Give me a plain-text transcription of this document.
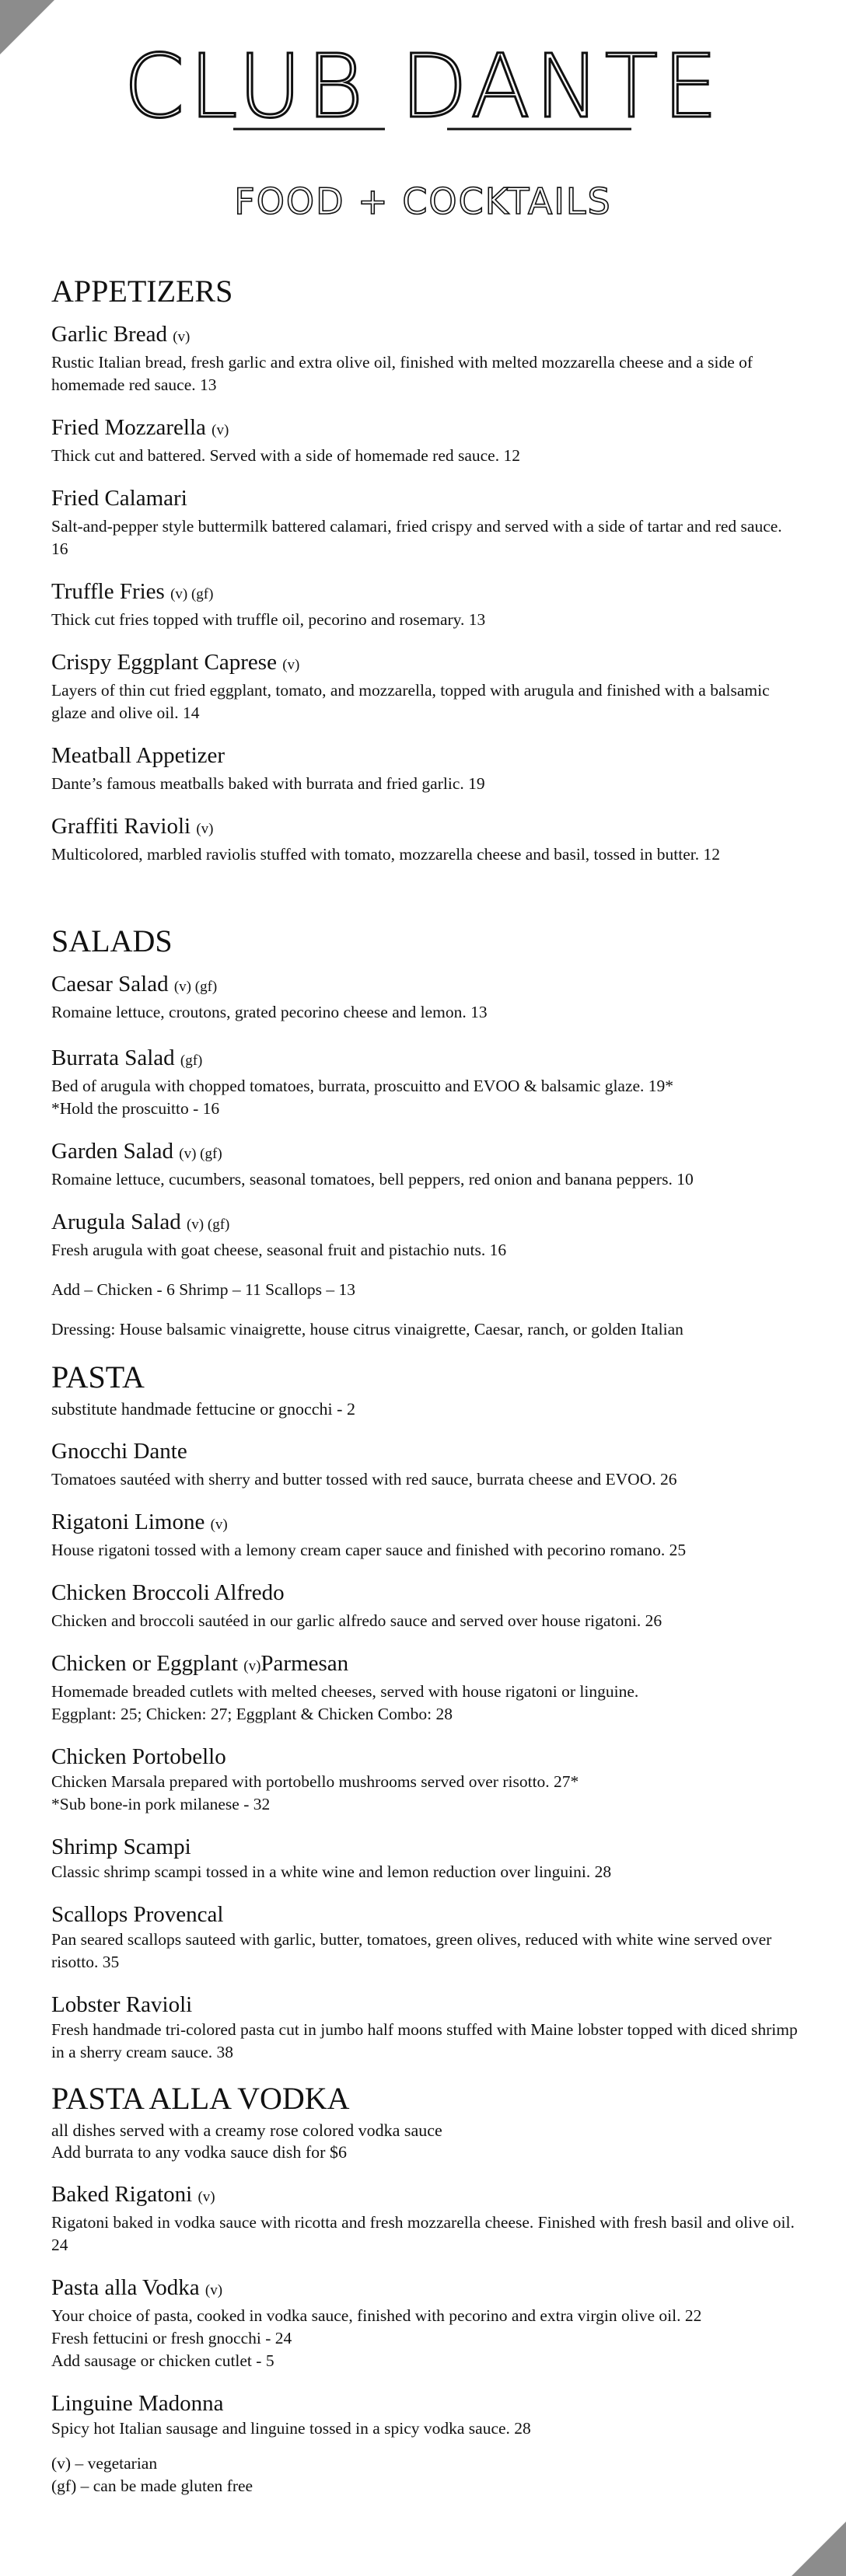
CLUB DANTE
FOOD + COCKTAILS
APPETIZERS
Garlic Bread (v)
Rustic Italian bread, fresh garlic and extra olive oil, finished with melted mozzarella cheese and a side of homemade red sauce. 13
Fried Mozzarella (v)
Thick cut and battered. Served with a side of homemade red sauce. 12
Fried Calamari
Salt-and-pepper style buttermilk battered calamari, fried crispy and served with a side of tartar and red sauce. 16
Truffle Fries (v) (gf)
Thick cut fries topped with truffle oil, pecorino and rosemary. 13
Crispy Eggplant Caprese (v)
Layers of thin cut fried eggplant, tomato, and mozzarella, topped with arugula and finished with a balsamic glaze and olive oil. 14
Meatball Appetizer
Dante’s famous meatballs baked with burrata and fried garlic. 19
Graffiti Ravioli (v)
Multicolored, marbled raviolis stuffed with tomato, mozzarella cheese and basil, tossed in butter. 12
SALADS
Caesar Salad (v) (gf)
Romaine lettuce, croutons, grated pecorino cheese and lemon. 13
Burrata Salad (gf)
Bed of arugula with chopped tomatoes, burrata, proscuitto and EVOO & balsamic glaze. 19*
*Hold the proscuitto - 16
Garden Salad (v) (gf)
Romaine lettuce, cucumbers, seasonal tomatoes, bell peppers, red onion and banana peppers. 10
Arugula Salad (v) (gf)
Fresh arugula with goat cheese, seasonal fruit and pistachio nuts. 16
Add – Chicken - 6 Shrimp – 11 Scallops – 13
Dressing: House balsamic vinaigrette, house citrus vinaigrette, Caesar, ranch, or golden Italian
PASTA
substitute handmade fettucine or gnocchi - 2
Gnocchi Dante
Tomatoes sautéed with sherry and butter tossed with red sauce, burrata cheese and EVOO. 26
Rigatoni Limone (v)
House rigatoni tossed with a lemony cream caper sauce and finished with pecorino romano. 25
Chicken Broccoli Alfredo
Chicken and broccoli sautéed in our garlic alfredo sauce and served over house rigatoni. 26
Chicken or Eggplant (v)Parmesan
Homemade breaded cutlets with melted cheeses, served with house rigatoni or linguine.
Eggplant: 25; Chicken: 27; Eggplant & Chicken Combo: 28
Chicken Portobello
Chicken Marsala prepared with portobello mushrooms served over risotto. 27*
*Sub bone-in pork milanese - 32
Shrimp Scampi
Classic shrimp scampi tossed in a white wine and lemon reduction over linguini. 28
Scallops Provencal
Pan seared scallops sauteed with garlic, butter, tomatoes, green olives, reduced with white wine served over risotto. 35
Lobster Ravioli
Fresh handmade tri-colored pasta cut in jumbo half moons stuffed with Maine lobster topped with diced shrimp in a sherry cream sauce. 38
PASTA ALLA VODKA
all dishes served with a creamy rose colored vodka sauce
Add burrata to any vodka sauce dish for $6
Baked Rigatoni (v)
Rigatoni baked in vodka sauce with ricotta and fresh mozzarella cheese. Finished with fresh basil and olive oil. 24
Pasta alla Vodka (v)
Your choice of pasta, cooked in vodka sauce, finished with pecorino and extra virgin olive oil. 22
Fresh fettucini or fresh gnocchi - 24
Add sausage or chicken cutlet - 5
Linguine Madonna
Spicy hot Italian sausage and linguine tossed in a spicy vodka sauce. 28
(v) – vegetarian
(gf) – can be made gluten free
